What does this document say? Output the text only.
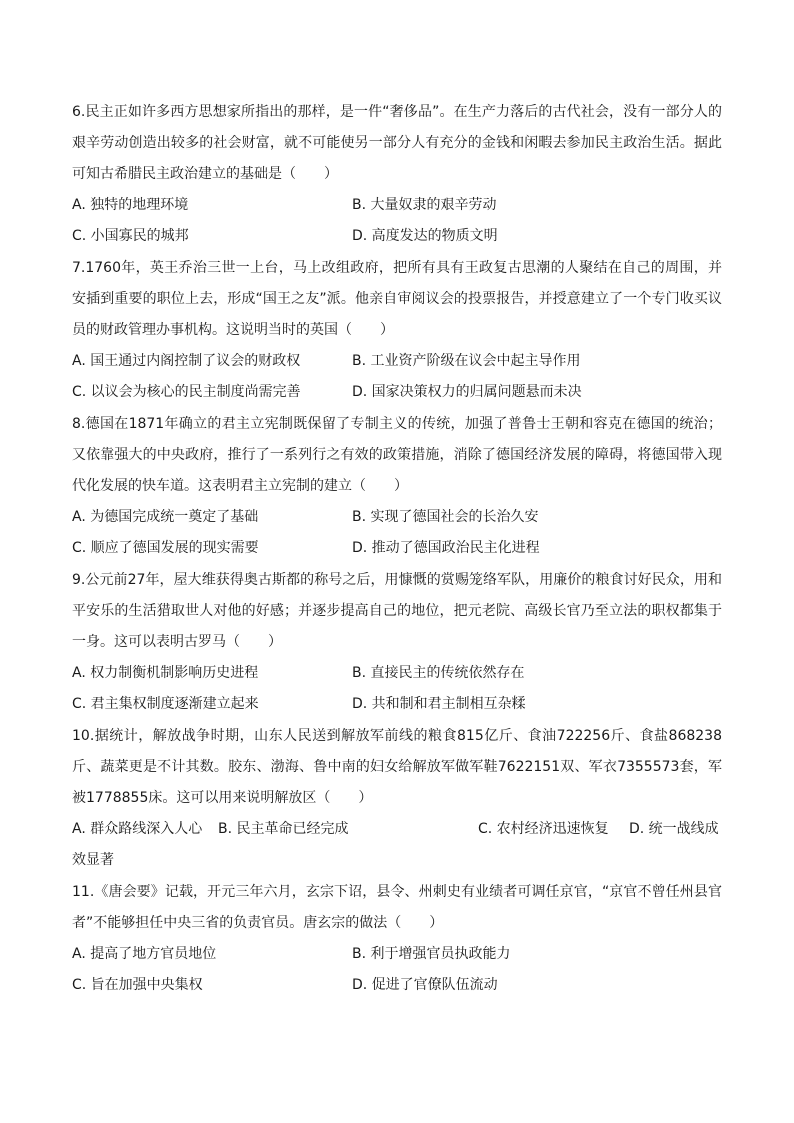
6.民主正如许多西方思想家所指出的那样，是一件“奢侈品”。在生产力落后的古代社会，没有一部分人的艰辛劳动创造出较多的社会财富，就不可能使另一部分人有充分的金钱和闲暇去参加民主政治生活。据此可知古希腊民主政治建立的基础是（　　）

A. 独特的地理环境	B. 大量奴隶的艰辛劳动
C. 小国寡民的城邦	D. 高度发达的物质文明

7.1760年，英王乔治三世一上台，马上改组政府，把所有具有王政复古思潮的人聚结在自己的周围，并安插到重要的职位上去，形成“国王之友”派。他亲自审阅议会的投票报告，并授意建立了一个专门收买议员的财政管理办事机构。这说明当时的英国（　　）

A. 国王通过内阁控制了议会的财政权	B. 工业资产阶级在议会中起主导作用
C. 以议会为核心的民主制度尚需完善	D. 国家决策权力的归属问题悬而未决

8.德国在1871年确立的君主立宪制既保留了专制主义的传统，加强了普鲁士王朝和容克在德国的统治；又依靠强大的中央政府，推行了一系列行之有效的政策措施，消除了德国经济发展的障碍，将德国带入现代化发展的快车道。这表明君主立宪制的建立（　　）

A. 为德国完成统一奠定了基础	B. 实现了德国社会的长治久安
C. 顺应了德国发展的现实需要	D. 推动了德国政治民主化进程

9.公元前27年，屋大维获得奥古斯都的称号之后，用慷慨的赏赐笼络军队，用廉价的粮食讨好民众，用和平安乐的生活猎取世人对他的好感；并逐步提高自己的地位，把元老院、高级长官乃至立法的职权都集于一身。这可以表明古罗马（　　）

A. 权力制衡机制影响历史进程	B. 直接民主的传统依然存在
C. 君主集权制度逐渐建立起来	D. 共和制和君主制相互杂糅

10.据统计，解放战争时期，山东人民送到解放军前线的粮食815亿斤、食油722256斤、食盐868238斤、蔬菜更是不计其数。胶东、渤海、鲁中南的妇女给解放军做军鞋7622151双、军衣7355573套，军被1778855床。这可以用来说明解放区（　　）

A. 群众路线深入人心 B. 民主革命已经完成	C. 农村经济迅速恢复 D. 统一战线成
效显著

11.《唐会要》记载，开元三年六月，玄宗下诏，县令、州刺史有业绩者可调任京官，“京官不曾任州县官者”不能够担任中央三省的负责官员。唐玄宗的做法（　　）

A. 提高了地方官员地位	B. 利于增强官员执政能力
C. 旨在加强中央集权	D. 促进了官僚队伍流动
